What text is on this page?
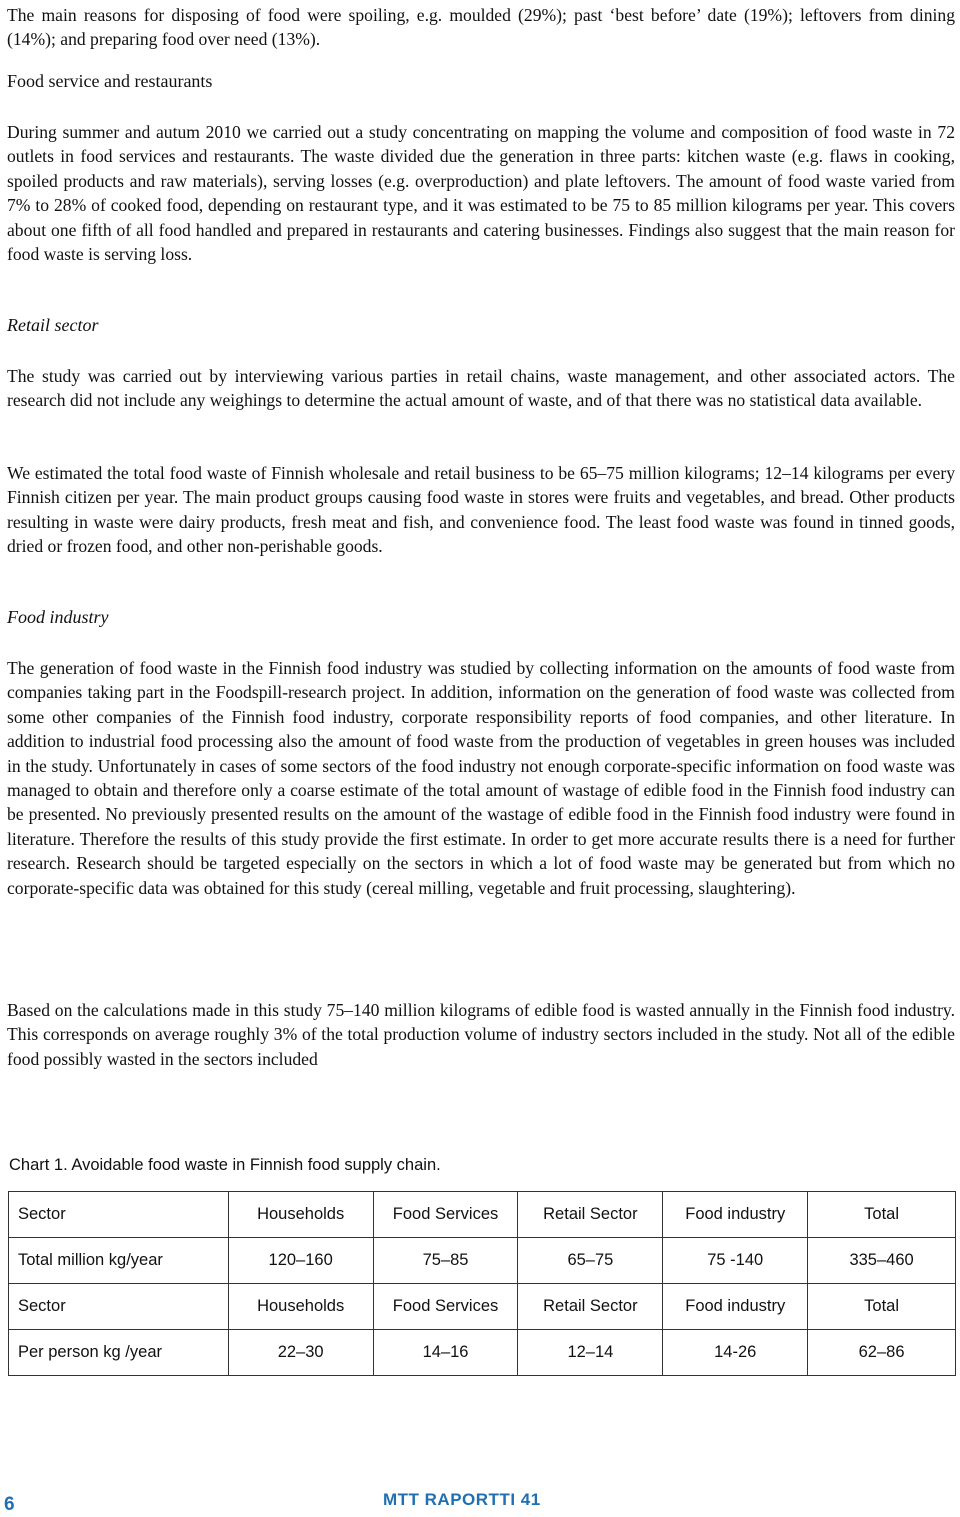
The main reasons for disposing of food were spoiling, e.g. moulded (29%); past ‘best before’ date (19%); leftovers from dining (14%); and preparing food over need (13%).

Food service and restaurants

During summer and autum 2010 we carried out a study concentrating on mapping the volume and composition of food waste in 72 outlets in food services and restaurants. The waste divided due the generation in three parts: kitchen waste (e.g. flaws in cooking, spoiled products and raw materials), serving losses (e.g. overproduction) and plate leftovers. The amount of food waste varied from 7% to 28% of cooked food, depending on restaurant type, and it was estimated to be 75 to 85 million kilograms per year. This covers about one fifth of all food handled and prepared in restaurants and catering businesses. Findings also suggest that the main reason for food waste is serving loss.

Retail sector

The study was carried out by interviewing various parties in retail chains, waste management, and other associated actors. The research did not include any weighings to determine the actual amount of waste, and of that there was no statistical data available.

We estimated the total food waste of Finnish wholesale and retail business to be 65–75 million kilograms; 12–14 kilograms per every Finnish citizen per year. The main product groups causing food waste in stores were fruits and vegetables, and bread. Other products resulting in waste were dairy products, fresh meat and fish, and convenience food. The least food waste was found in tinned goods, dried or frozen food, and other non-perishable goods.

Food industry

The generation of food waste in the Finnish food industry was studied by collecting information on the amounts of food waste from companies taking part in the Foodspill-research project. In addition, information on the generation of food waste was collected from some other companies of the Finnish food industry, corporate responsibility reports of food companies, and other literature. In addition to industrial food processing also the amount of food waste from the production of vegetables in green houses was included in the study. Unfortunately in cases of some sectors of the food industry not enough corporate-specific information on food waste was managed to obtain and therefore only a coarse estimate of the total amount of wastage of edible food in the Finnish food industry can be presented. No previously presented results on the amount of the wastage of edible food in the Finnish food industry were found in literature. Therefore the results of this study provide the first estimate. In order to get more accurate results there is a need for further research. Research should be targeted especially on the sectors in which a lot of food waste may be generated but from which no corporate-specific data was obtained for this study (cereal milling, vegetable and fruit processing, slaughtering).

Based on the calculations made in this study 75–140 million kilograms of edible food is wasted annually in the Finnish food industry. This corresponds on average roughly 3% of the total production volume of industry sectors included in the study. Not all of the edible food possibly wasted in the sectors included

Chart 1. Avoidable food waste in Finnish food supply chain.

Sector	Households	Food Services	Retail Sector	Food industry	Total
Total million kg/year	120–160	75–85	65–75	75 -140	335–460
Sector	Households	Food Services	Retail Sector	Food industry	Total
Per person kg /year	22–30	14–16	12–14	14-26	62–86

6	MTT RAPORTTI 41
